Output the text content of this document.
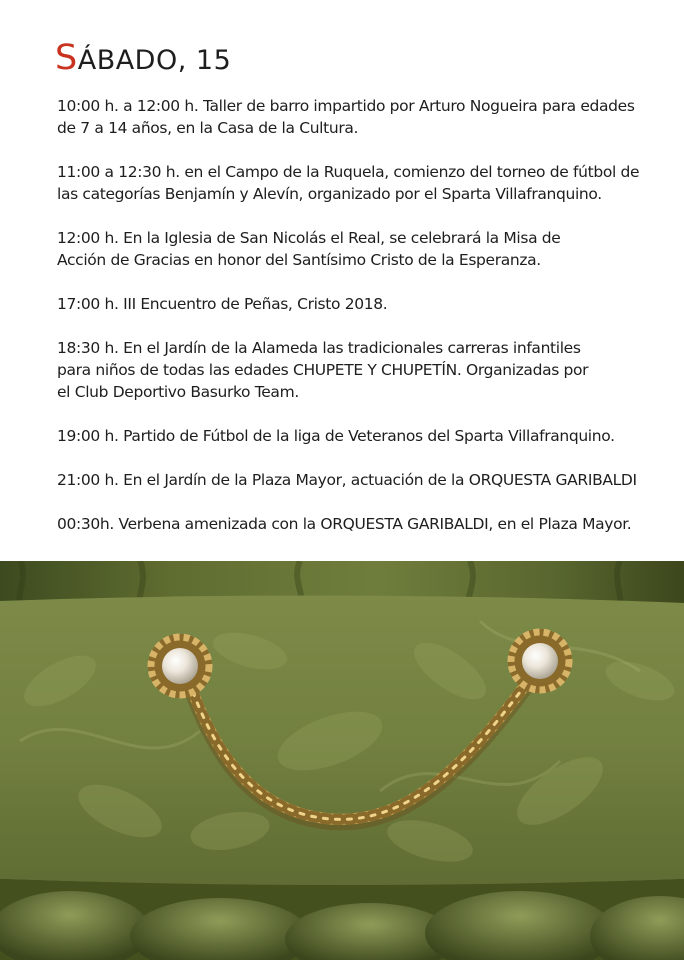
SÁBADO, 15
10:00 h. a 12:00 h. Taller de barro impartido por Arturo Nogueira para edades
de 7 a 14 años, en la Casa de la Cultura.
11:00 a 12:30 h. en el Campo de la Ruquela, comienzo del torneo de fútbol de
las categorías Benjamín y Alevín, organizado por el Sparta Villafranquino.
12:00 h. En la Iglesia de San Nicolás el Real, se celebrará la Misa de
Acción de Gracias en honor del Santísimo Cristo de la Esperanza.
17:00 h. III Encuentro de Peñas, Cristo 2018.
18:30 h. En el Jardín de la Alameda las tradicionales carreras infantiles
para niños de todas las edades CHUPETE Y CHUPETÍN. Organizadas por
el Club Deportivo Basurko Team.
19:00 h. Partido de Fútbol de la liga de Veteranos del Sparta Villafranquino.
21:00 h. En el Jardín de la Plaza Mayor, actuación de la ORQUESTA GARIBALDI
00:30h. Verbena amenizada con la ORQUESTA GARIBALDI, en el Plaza Mayor.
